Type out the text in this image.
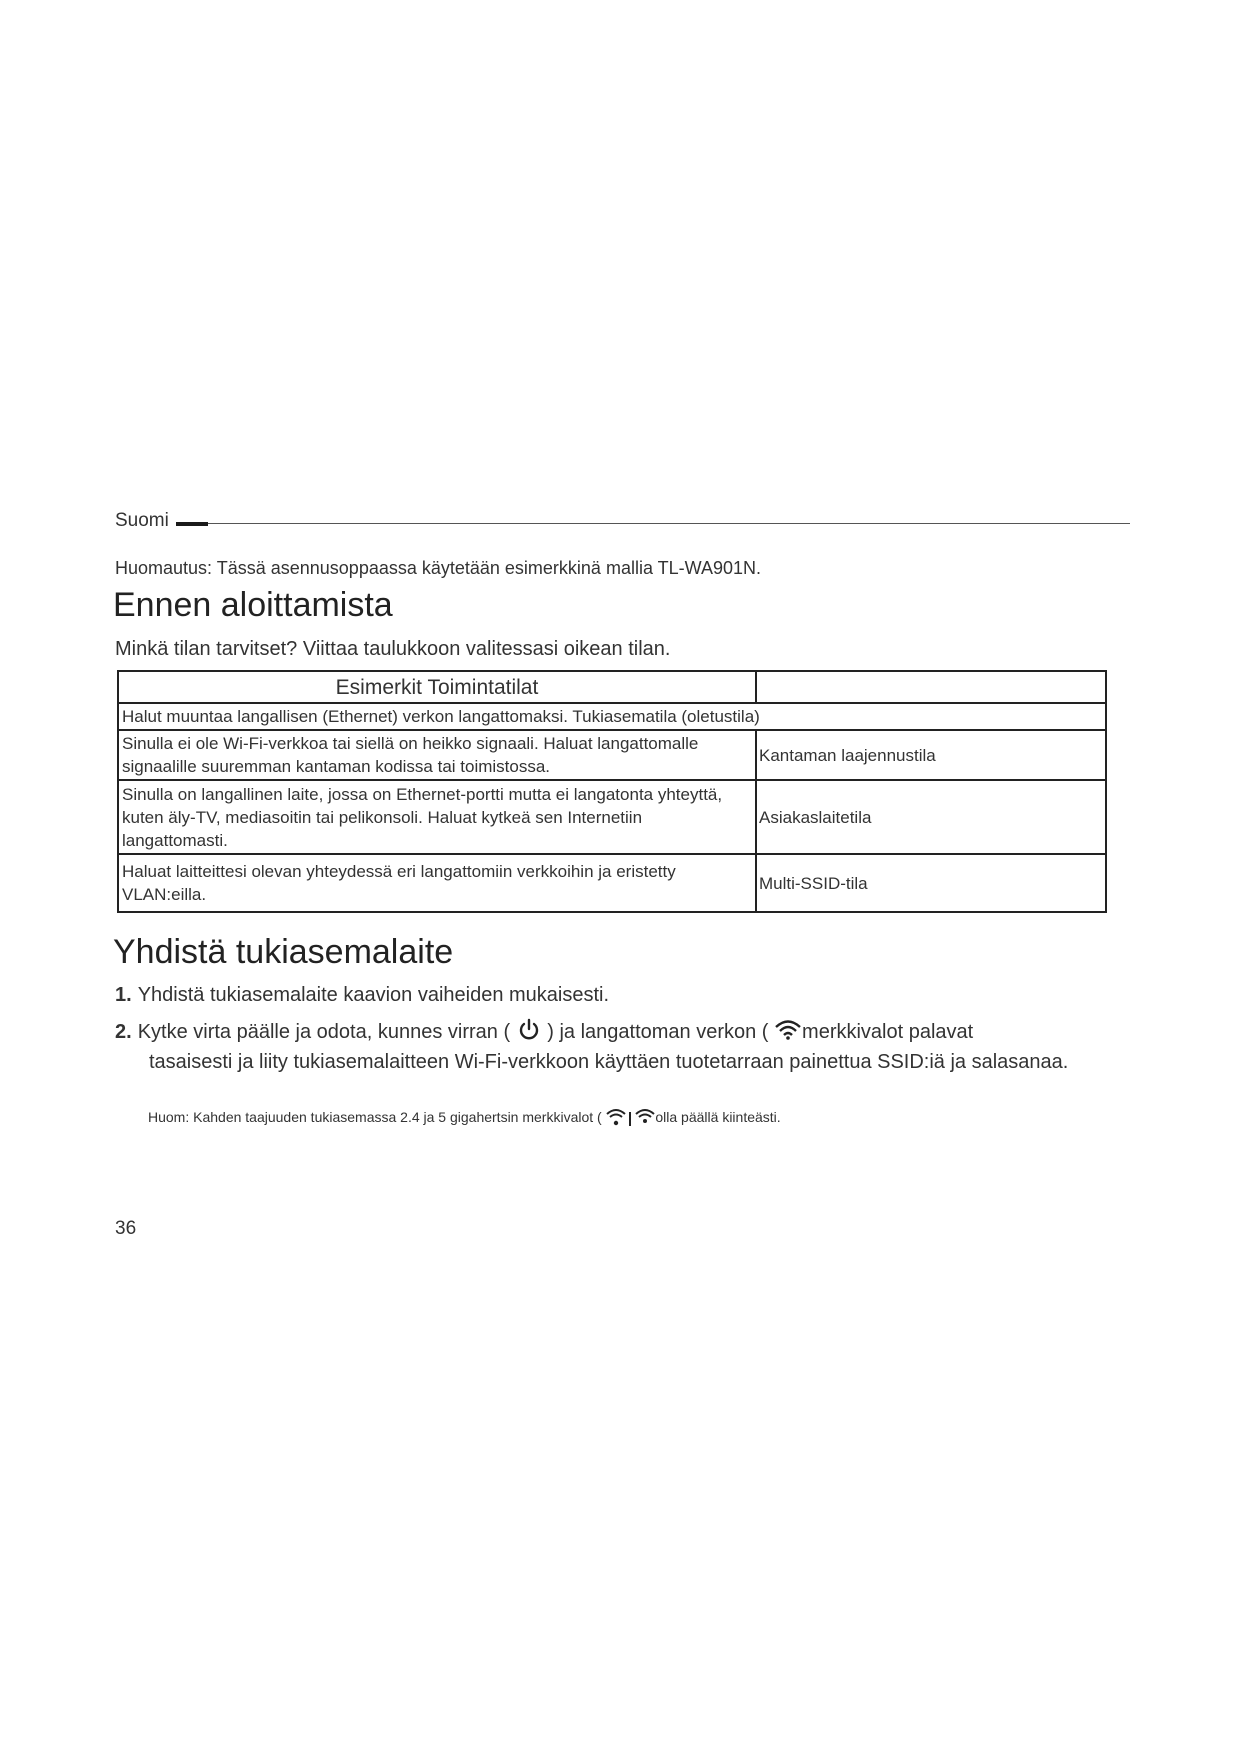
Suomi
Huomautus: Tässä asennusoppaassa käytetään esimerkkinä mallia TL-WA901N.
Ennen aloittamista
Minkä tilan tarvitset? Viittaa taulukkoon valitessasi oikean tilan.
Esimerkit Toimintatilat	
Halut muuntaa langallisen (Ethernet) verkon langattomaksi. Tukiasematila (oletustila)	
Sinulla ei ole Wi-Fi-verkkoa tai siellä on heikko signaali. Haluat langattomalle signaalille suuremman kantaman kodissa tai toimistossa.	Kantaman laajennustila
Sinulla on langallinen laite, jossa on Ethernet-portti mutta ei langatonta yhteyttä, kuten äly-TV, mediasoitin tai pelikonsoli. Haluat kytkeä sen Internetiin langattomasti.	Asiakaslaitetila
Haluat laitteittesi olevan yhteydessä eri langattomiin verkkoihin ja eristetty VLAN:eilla.	Multi-SSID-tila
Yhdistä tukiasemalaite
1. Yhdistä tukiasemalaite kaavion vaiheiden mukaisesti.
2. Kytke virta päälle ja odota, kunnes virran ( ) ja langattoman verkon ( merkkivalot palavat
tasaisesti ja liity tukiasemalaitteen Wi-Fi-verkkoon käyttäen tuotetarraan painettua SSID:iä ja salasanaa.
Huom: Kahden taajuuden tukiasemassa 2.4 ja 5 gigahertsin merkkivalot (	olla päällä kiinteästi.
36
